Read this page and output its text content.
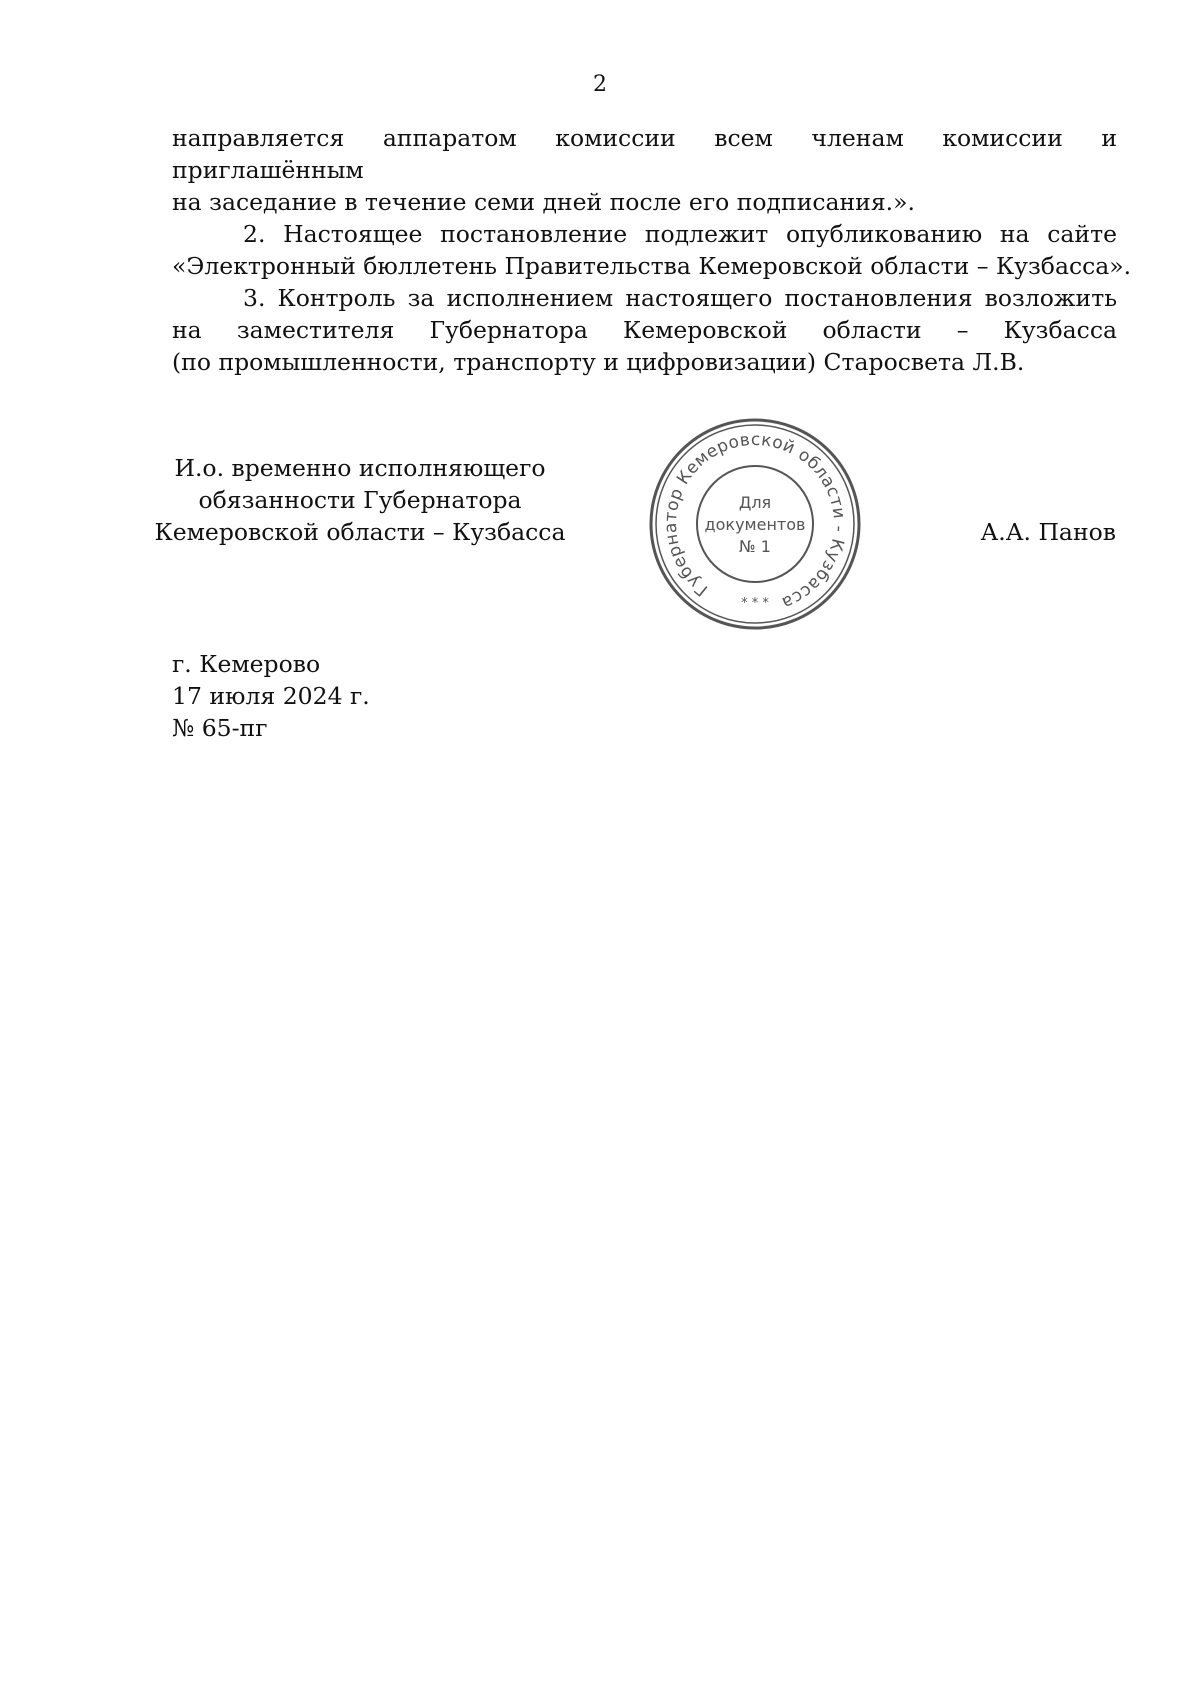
2
направляется аппаратом комиссии всем членам комиссии и приглашённым
на заседание в течение семи дней после его подписания.».
2. Настоящее постановление подлежит опубликованию на сайте
«Электронный бюллетень Правительства Кемеровской области – Кузбасса».
3. Контроль за исполнением настоящего постановления возложить
на заместителя Губернатора Кемеровской области – Кузбасса
(по промышленности, транспорту и цифровизации) Старосвета Л.В.
И.о. временно исполняющего
обязанности Губернатора
Кемеровской области – Кузбасса
Губернатор Кемеровской области - Кузбасса
Для
документов
№ 1
* * *
А.А. Панов
г. Кемерово
17 июля 2024 г.
№ 65-пг
